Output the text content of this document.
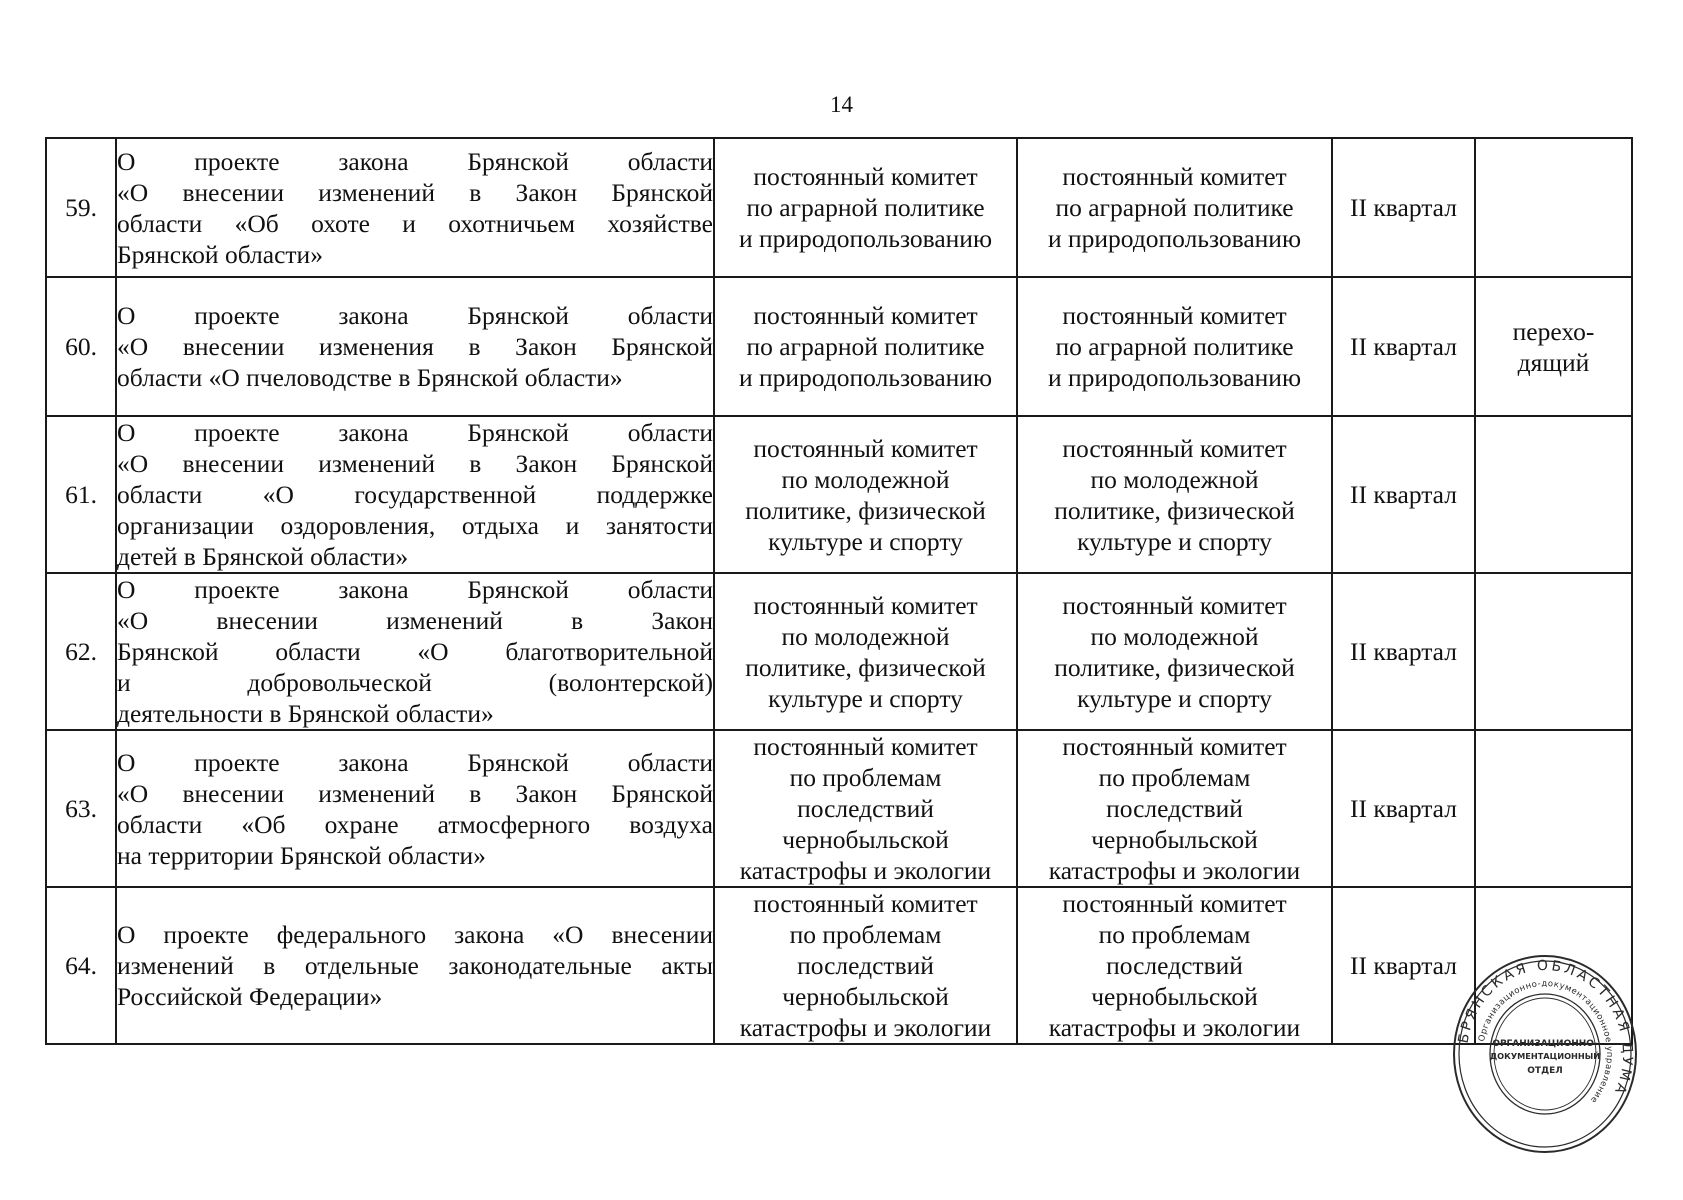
14
59.	О проекте закона Брянской области
«О внесении изменений в Закон Брянской
области «Об охоте и охотничьем хозяйстве
Брянской области»	постоянный комитет
по аграрной политике
и природопользованию	постоянный комитет
по аграрной политике
и природопользованию	II квартал	
60.	О проекте закона Брянской области
«О внесении изменения в Закон Брянской
области «О пчеловодстве в Брянской области»	постоянный комитет
по аграрной политике
и природопользованию	постоянный комитет
по аграрной политике
и природопользованию	II квартал	перехо-
дящий

61.	О проекте закона Брянской области
«О внесении изменений в Закон Брянской
области «О государственной поддержке
организации оздоровления, отдыха и занятости
детей в Брянской области»	постоянный комитет
по молодежной
политике, физической
культуре и спорту	постоянный комитет
по молодежной
политике, физической
культуре и спорту	II квартал	
62.	О проекте закона Брянской области
«О внесении изменений в Закон
Брянской области «О благотворительной
и добровольческой (волонтерской)
деятельности в Брянской области»	постоянный комитет
по молодежной
политике, физической
культуре и спорту	постоянный комитет
по молодежной
политике, физической
культуре и спорту	II квартал	
63.	О проекте закона Брянской области
«О внесении изменений в Закон Брянской
области «Об охране атмосферного воздуха
на территории Брянской области»	постоянный комитет
по проблемам
последствий
чернобыльской
катастрофы и экологии	постоянный комитет
по проблемам
последствий
чернобыльской
катастрофы и экологии	II квартал	
64.	О проекте федерального закона «О внесении
изменений в отдельные законодательные акты
Российской Федерации»	постоянный комитет
по проблемам
последствий
чернобыльской
катастрофы и экологии	постоянный комитет
по проблемам
последствий
чернобыльской
катастрофы и экологии	II квартал	
БРЯНСКАЯ ОБЛАСТНАЯ ДУМА
Организационно-документационное управление
ОРГАНИЗАЦИОННО-
ДОКУМЕНТАЦИОННЫЙ
ОТДЕЛ
